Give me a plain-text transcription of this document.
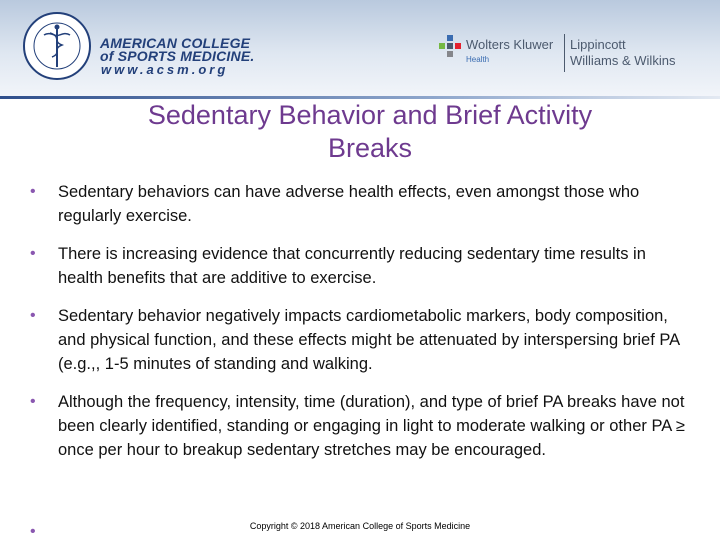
AMERICAN COLLEGE
of SPORTS MEDICINE.
www.acsm.org
Wolters Kluwer
Health
Lippincott
Williams & Wilkins
Sedentary Behavior and Brief Activity
Breaks
• Sedentary behaviors can have adverse health effects, even amongst those who regularly exercise.
• There is increasing evidence that concurrently reducing sedentary time results in health benefits that are additive to exercise.
• Sedentary behavior negatively impacts cardiometabolic markers, body composition, and physical function, and these effects might be attenuated by interspersing brief PA (e.g.,, 1-5 minutes of standing and walking.
• Although the frequency, intensity, time (duration), and type of brief PA breaks have not been clearly identified, standing or engaging in light to moderate walking or other PA ≥ once per hour to breakup sedentary stretches may be encouraged.
•	Copyright © 2018 American College of Sports Medicine
